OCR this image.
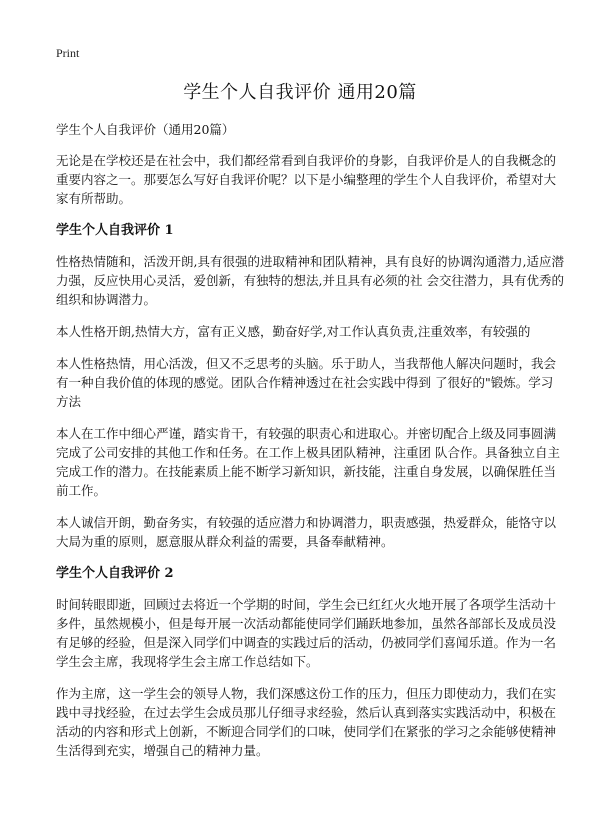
Print
学生个人自我评价 通用20篇

学生个人自我评价（通用20篇）

无论是在学校还是在社会中，我们都经常看到自我评价的身影，自我评价是人的自我概念的重要内容之一。那要怎么写好自我评价呢？以下是小编整理的学生个人自我评价，希望对大家有所帮助。

学生个人自我评价 1

性格热情随和，活泼开朗,具有很强的进取精神和团队精神，具有良好的协调沟通潜力,适应潜力强，反应快用心灵活，爱创新，有独特的想法,并且具有必须的社 会交往潜力，具有优秀的组织和协调潜力。

本人性格开朗,热情大方，富有正义感，勤奋好学,对工作认真负责,注重效率，有较强的

本人性格热情，用心活泼，但又不乏思考的头脑。乐于助人，当我帮他人解决问题时，我会有一种自我价值的体现的感觉。团队合作精神透过在社会实践中得到 了很好的"锻炼。学习方法

本人在工作中细心严谨，踏实肯干，有较强的职责心和进取心。并密切配合上级及同事圆满完成了公司安排的其他工作和任务。在工作上极具团队精神，注重团 队合作。具备独立自主完成工作的潜力。在技能素质上能不断学习新知识，新技能，注重自身发展，以确保胜任当前工作。

本人诚信开朗，勤奋务实，有较强的适应潜力和协调潜力，职责感强，热爱群众，能恪守以大局为重的原则，愿意服从群众利益的需要，具备奉献精神。

学生个人自我评价 2

时间转眼即逝，回顾过去将近一个学期的时间，学生会已红红火火地开展了各项学生活动十多件，虽然规模小，但是每开展一次活动都能使同学们踊跃地参加，虽然各部部长及成员没有足够的经验，但是深入同学们中调查的实践过后的活动，仍被同学们喜闻乐道。作为一名学生会主席，我现将学生会主席工作总结如下。

作为主席，这一学生会的领导人物，我们深感这份工作的压力，但压力即使动力，我们在实践中寻找经验，在过去学生会成员那儿仔细寻求经验，然后认真到落实实践活动中，积极在活动的内容和形式上创新，不断迎合同学们的口味，使同学们在紧张的学习之余能够使精神生活得到充实，增强自己的精神力量。
